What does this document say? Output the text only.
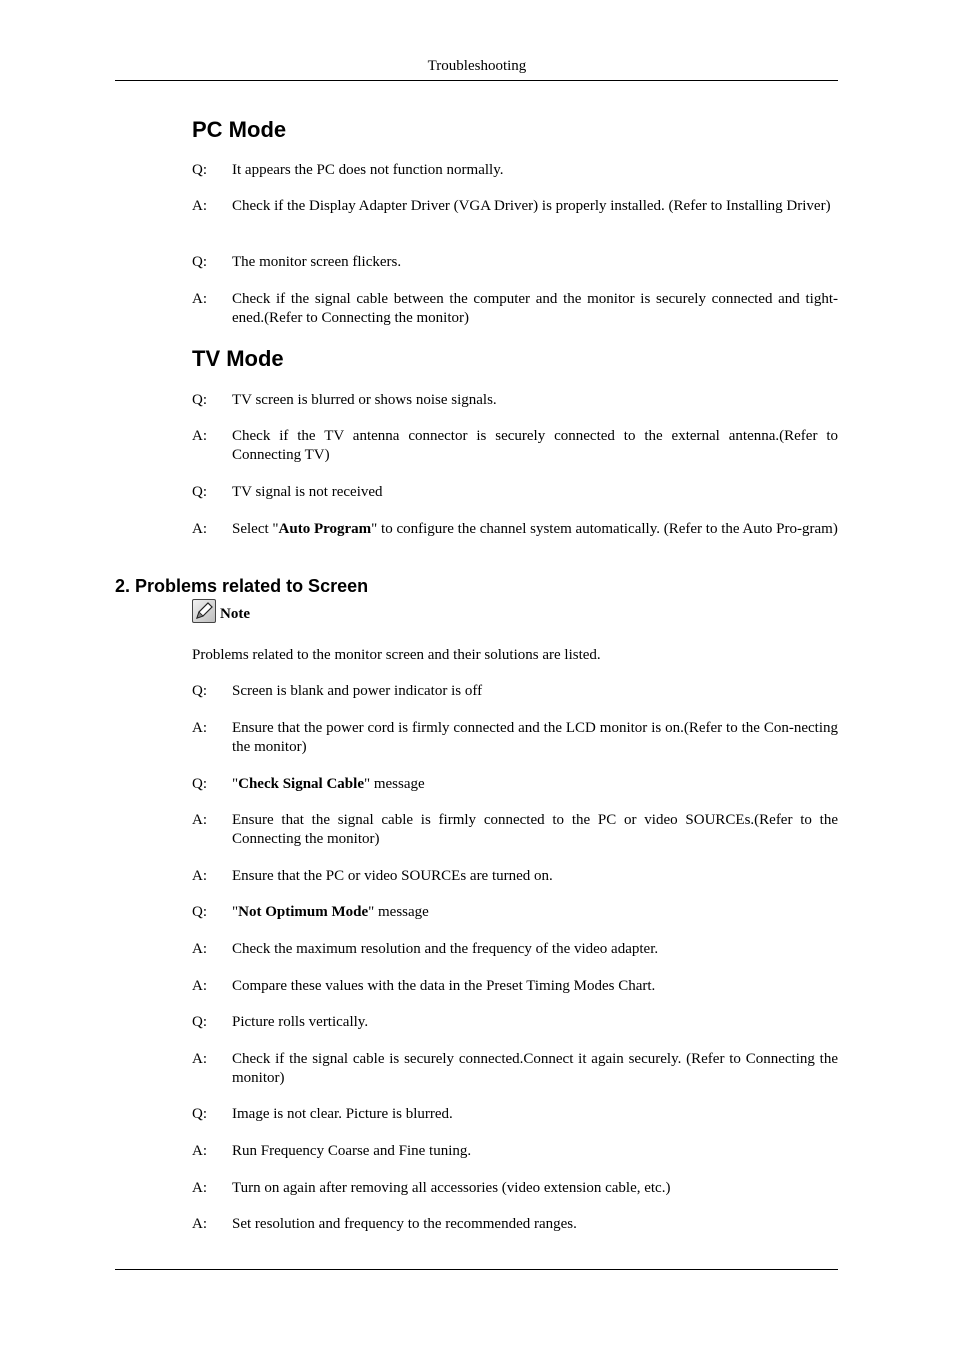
Troubleshooting
PC Mode
Q:	It appears the PC does not function normally.
A:	Check if the Display Adapter Driver (VGA Driver) is properly installed. (Refer to Installing Driver)
Q:	The monitor screen flickers.
A:	Check if the signal cable between the computer and the monitor is securely connected and tight-ened.(Refer to Connecting the monitor)
TV Mode
Q:	TV screen is blurred or shows noise signals.
A:	Check if the TV antenna connector is securely connected to the external antenna.(Refer to Connecting TV)
Q:	TV signal is not received
A:	Select "Auto Program" to configure the channel system automatically. (Refer to the Auto Pro-gram)
2. Problems related to Screen
Note
Problems related to the monitor screen and their solutions are listed.
Q:	Screen is blank and power indicator is off
A:	Ensure that the power cord is firmly connected and the LCD monitor is on.(Refer to the Con-necting the monitor)
Q:	"Check Signal Cable" message
A:	Ensure that the signal cable is firmly connected to the PC or video SOURCEs.(Refer to the Connecting the monitor)
A:	Ensure that the PC or video SOURCEs are turned on.
Q:	"Not Optimum Mode" message
A:	Check the maximum resolution and the frequency of the video adapter.
A:	Compare these values with the data in the Preset Timing Modes Chart.
Q:	Picture rolls vertically.
A:	Check if the signal cable is securely connected.Connect it again securely. (Refer to Connecting the monitor)
Q:	Image is not clear. Picture is blurred.
A:	Run Frequency Coarse and Fine tuning.
A:	Turn on again after removing all accessories (video extension cable, etc.)
A:	Set resolution and frequency to the recommended ranges.
